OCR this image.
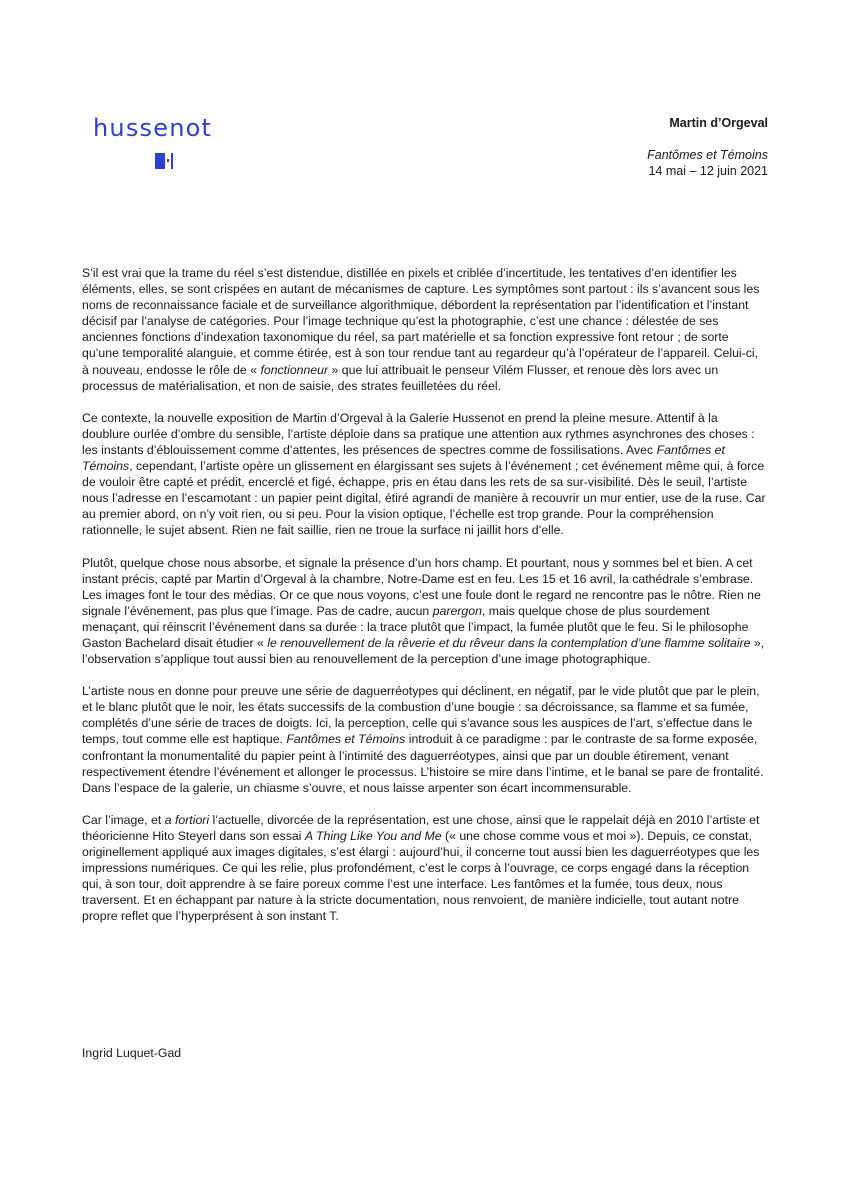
hussenot	Martin d’Orgeval
Fantômes et Témoins
14 mai – 12 juin 2021

S’il est vrai que la trame du réel s’est distendue, distillée en pixels et criblée d’incertitude, les tentatives d’en identifier les éléments, elles, se sont crispées en autant de mécanismes de capture. Les symptômes sont partout : ils s’avancent sous les noms de reconnaissance faciale et de surveillance algorithmique, débordent la représentation par l’identification et l’instant décisif par l’analyse de catégories. Pour l’image technique qu’est la photographie, c’est une chance : délestée de ses anciennes fonctions d’indexation taxonomique du réel, sa part matérielle et sa fonction expressive font retour ; de sorte qu’une temporalité alanguie, et comme étirée, est à son tour rendue tant au regardeur qu’à l’opérateur de l’appareil. Celui-ci, à nouveau, endosse le rôle de « fonctionneur » que lui attribuait le penseur Vilém Flusser, et renoue dès lors avec un processus de matérialisation, et non de saisie, des strates feuilletées du réel.

Ce contexte, la nouvelle exposition de Martin d’Orgeval à la Galerie Hussenot en prend la pleine mesure. Attentif à la doublure ourlée d’ombre du sensible, l’artiste déploie dans sa pratique une attention aux rythmes asynchrones des choses : les instants d’éblouissement comme d’attentes, les présences de spectres comme de fossilisations. Avec Fantômes et Témoins, cependant, l’artiste opère un glissement en élargissant ses sujets à l’événement ; cet événement même qui, à force de vouloir être capté et prédit, encerclé et figé, échappe, pris en étau dans les rets de sa sur-visibilité. Dès le seuil, l’artiste nous l’adresse en l’escamotant : un papier peint digital, étiré agrandi de manière à recouvrir un mur entier, use de la ruse. Car au premier abord, on n’y voit rien, ou si peu. Pour la vision optique, l’échelle est trop grande. Pour la compréhension rationnelle, le sujet absent. Rien ne fait saillie, rien ne troue la surface ni jaillit hors d’elle.

Plutôt, quelque chose nous absorbe, et signale la présence d’un hors champ. Et pourtant, nous y sommes bel et bien. A cet instant précis, capté par Martin d’Orgeval à la chambre, Notre-Dame est en feu. Les 15 et 16 avril, la cathédrale s’embrase. Les images font le tour des médias. Or ce que nous voyons, c’est une foule dont le regard ne rencontre pas le nôtre. Rien ne signale l’événement, pas plus que l’image. Pas de cadre, aucun parergon, mais quelque chose de plus sourdement menaçant, qui réinscrit l’événement dans sa durée : la trace plutôt que l’impact, la fumée plutôt que le feu. Si le philosophe Gaston Bachelard disait étudier « le renouvellement de la rêverie et du rêveur dans la contemplation d’une flamme solitaire », l’observation s’applique tout aussi bien au renouvellement de la perception d’une image photographique.

L’artiste nous en donne pour preuve une série de daguerréotypes qui déclinent, en négatif, par le vide plutôt que par le plein, et le blanc plutôt que le noir, les états successifs de la combustion d’une bougie : sa décroissance, sa flamme et sa fumée, complétés d’une série de traces de doigts. Ici, la perception, celle qui s’avance sous les auspices de l’art, s’effectue dans le temps, tout comme elle est haptique. Fantômes et Témoins introduit à ce paradigme : par le contraste de sa forme exposée, confrontant la monumentalité du papier peint à l’intimité des daguerréotypes, ainsi que par un double étirement, venant respectivement étendre l’événement et allonger le processus. L’histoire se mire dans l’intime, et le banal se pare de frontalité. Dans l’espace de la galerie, un chiasme s’ouvre, et nous laisse arpenter son écart incommensurable.

Car l’image, et a fortiori l’actuelle, divorcée de la représentation, est une chose, ainsi que le rappelait déjà en 2010 l’artiste et théoricienne Hito Steyerl dans son essai A Thing Like You and Me (« une chose comme vous et moi »). Depuis, ce constat, originellement appliqué aux images digitales, s’est élargi : aujourd’hui, il concerne tout aussi bien les daguerréotypes que les impressions numériques. Ce qui les relie, plus profondément, c’est le corps à l’ouvrage, ce corps engagé dans la réception qui, à son tour, doit apprendre à se faire poreux comme l’est une interface. Les fantômes et la fumée, tous deux, nous traversent. Et en échappant par nature à la stricte documentation, nous renvoient, de manière indicielle, tout autant notre propre reflet que l’hyperprésent à son instant T.

Ingrid Luquet-Gad
